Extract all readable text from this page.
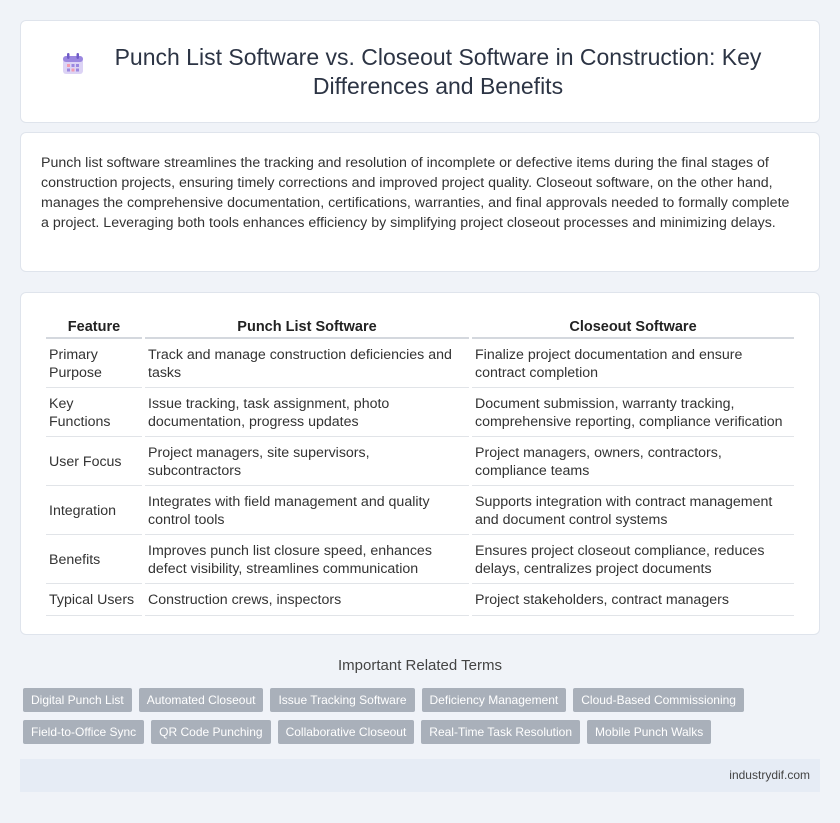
Punch List Software vs. Closeout Software in Construction: Key Differences and Benefits

Punch list software streamlines the tracking and resolution of incomplete or defective items during the final stages of construction projects, ensuring timely corrections and improved project quality. Closeout software, on the other hand, manages the comprehensive documentation, certifications, warranties, and final approvals needed to formally complete a project. Leveraging both tools enhances efficiency by simplifying project closeout processes and minimizing delays.

Feature	Punch List Software	Closeout Software
Primary Purpose	Track and manage construction deficiencies and tasks	Finalize project documentation and ensure contract completion
Key Functions	Issue tracking, task assignment, photo documentation, progress updates	Document submission, warranty tracking, comprehensive reporting, compliance verification
User Focus	Project managers, site supervisors, subcontractors	Project managers, owners, contractors, compliance teams
Integration	Integrates with field management and quality control tools	Supports integration with contract management and document control systems
Benefits	Improves punch list closure speed, enhances defect visibility, streamlines communication	Ensures project closeout compliance, reduces delays, centralizes project documents
Typical Users	Construction crews, inspectors	Project stakeholders, contract managers
Important Related Terms
Digital Punch List	Automated Closeout	Issue Tracking Software	Deficiency Management	Cloud-Based Commissioning
Field-to-Office Sync	QR Code Punching	Collaborative Closeout	Real-Time Task Resolution	Mobile Punch Walks
industrydif.com
